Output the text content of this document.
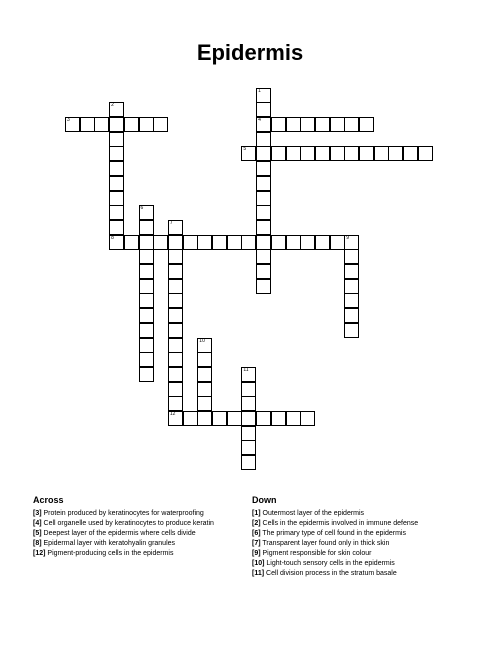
Epidermis
3	4
5
8	9
12
1
2
6
7
10
11
Across
[3] Protein produced by keratinocytes for waterproofing
[4] Cell organelle used by keratinocytes to produce keratin
[5] Deepest layer of the epidermis where cells divide
[8] Epidermal layer with keratohyalin granules
[12] Pigment-producing cells in the epidermis
Down
[1] Outermost layer of the epidermis
[2] Cells in the epidermis involved in immune defense
[6] The primary type of cell found in the epidermis
[7] Transparent layer found only in thick skin
[9] Pigment responsible for skin colour
[10] Light-touch sensory cells in the epidermis
[11] Cell division process in the stratum basale
